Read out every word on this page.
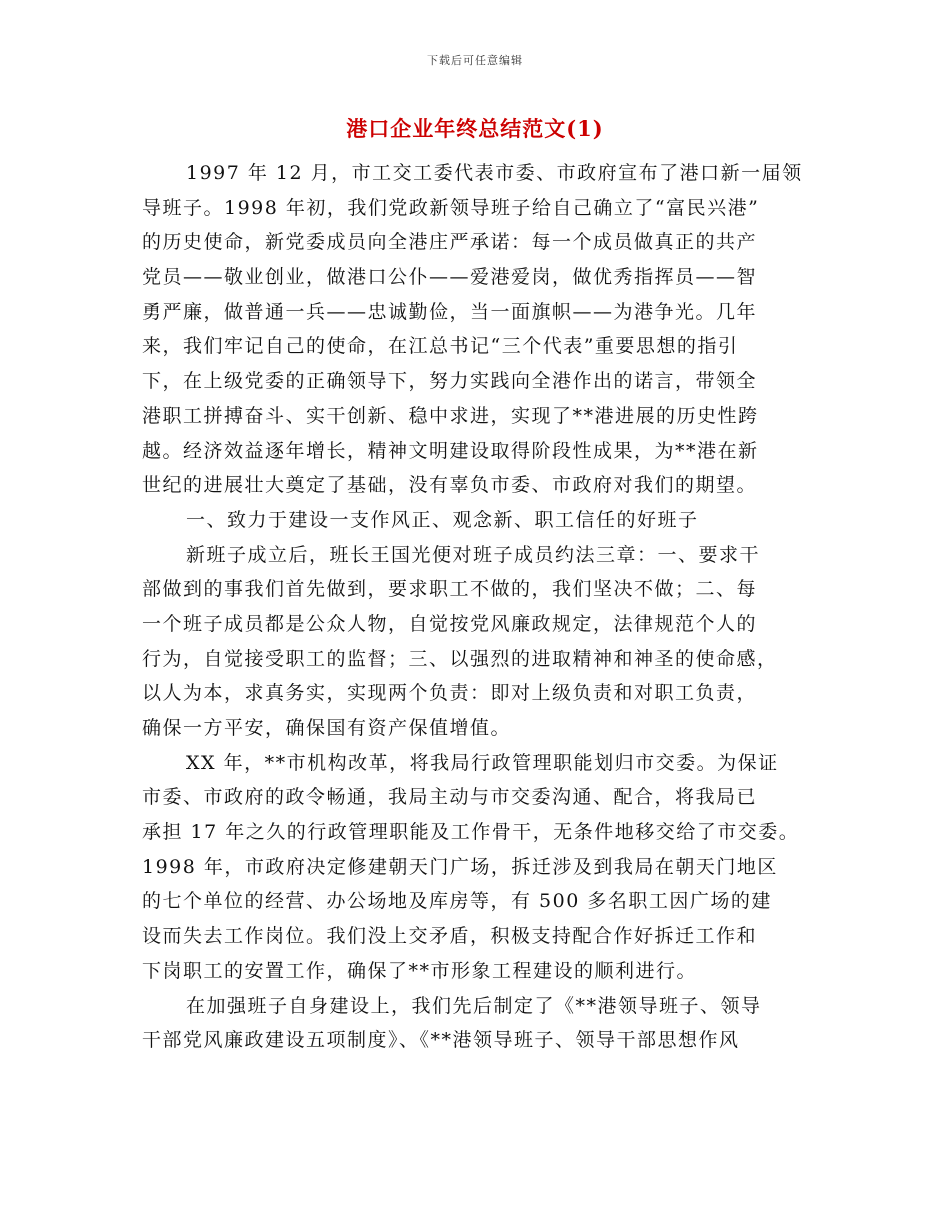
下载后可任意编辑
港口企业年终总结范文(1)
1997 年 12 月，市工交工委代表市委、市政府宣布了港口新一届领
导班子。1998 年初，我们党政新领导班子给自己确立了“富民兴港”
的历史使命，新党委成员向全港庄严承诺：每一个成员做真正的共产
党员——敬业创业，做港口公仆——爱港爱岗，做优秀指挥员——智
勇严廉，做普通一兵——忠诚勤俭，当一面旗帜——为港争光。几年
来，我们牢记自己的使命，在江总书记“三个代表”重要思想的指引
下，在上级党委的正确领导下，努力实践向全港作出的诺言，带领全
港职工拼搏奋斗、实干创新、稳中求进，实现了**港进展的历史性跨
越。经济效益逐年增长，精神文明建设取得阶段性成果，为**港在新
世纪的进展壮大奠定了基础，没有辜负市委、市政府对我们的期望。
一、致力于建设一支作风正、观念新、职工信任的好班子
新班子成立后，班长王国光便对班子成员约法三章：一、要求干
部做到的事我们首先做到，要求职工不做的，我们坚决不做；二、每
一个班子成员都是公众人物，自觉按党风廉政规定，法律规范个人的
行为，自觉接受职工的监督；三、以强烈的进取精神和神圣的使命感，
以人为本，求真务实，实现两个负责：即对上级负责和对职工负责，
确保一方平安，确保国有资产保值增值。
XX 年，**市机构改革，将我局行政管理职能划归市交委。为保证
市委、市政府的政令畅通，我局主动与市交委沟通、配合，将我局已
承担 17 年之久的行政管理职能及工作骨干，无条件地移交给了市交委。
1998 年，市政府决定修建朝天门广场，拆迁涉及到我局在朝天门地区
的七个单位的经营、办公场地及库房等，有 500 多名职工因广场的建
设而失去工作岗位。我们没上交矛盾，积极支持配合作好拆迁工作和
下岗职工的安置工作，确保了**市形象工程建设的顺利进行。
在加强班子自身建设上，我们先后制定了《**港领导班子、领导
干部党风廉政建设五项制度》、《**港领导班子、领导干部思想作风
